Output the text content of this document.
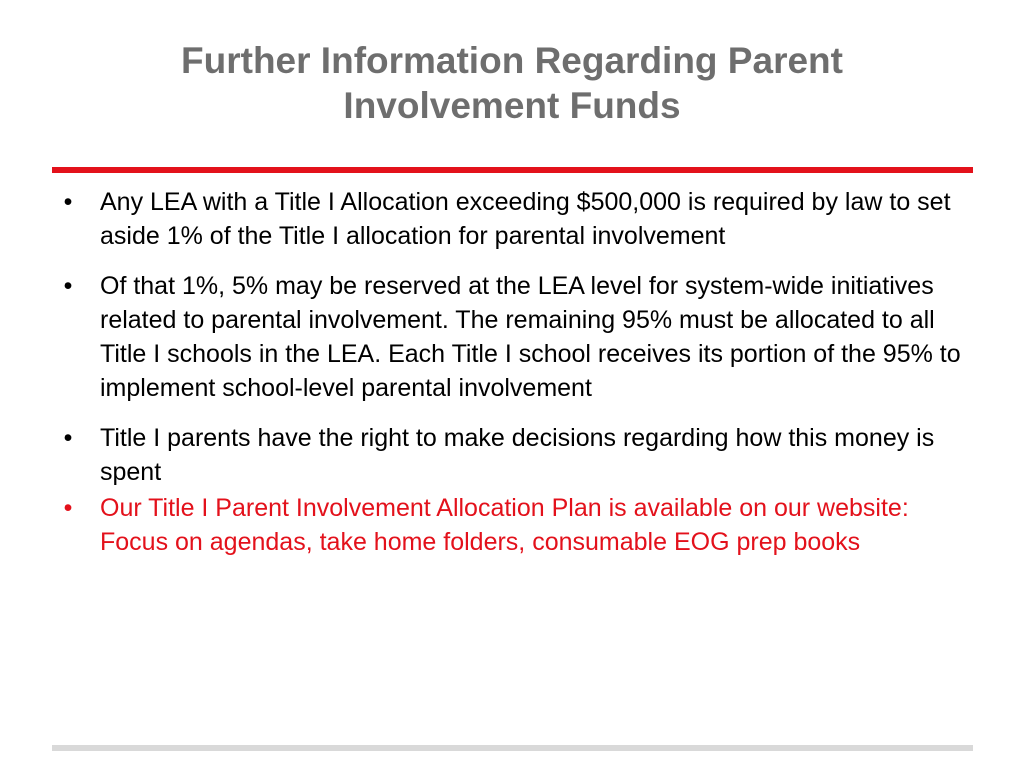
Further Information Regarding Parent
Involvement Funds
• Any LEA with a Title I Allocation exceeding $500,000 is required by law to set aside 1% of the Title I allocation for parental involvement
• Of that 1%, 5% may be reserved at the LEA level for system-wide initiatives related to parental involvement. The remaining 95% must be allocated to all Title I schools in the LEA. Each Title I school receives its portion of the 95% to implement school-level parental involvement
• Title I parents have the right to make decisions regarding how this money is spent
• Our Title I Parent Involvement Allocation Plan is available on our website: Focus on agendas, take home folders, consumable EOG prep books
